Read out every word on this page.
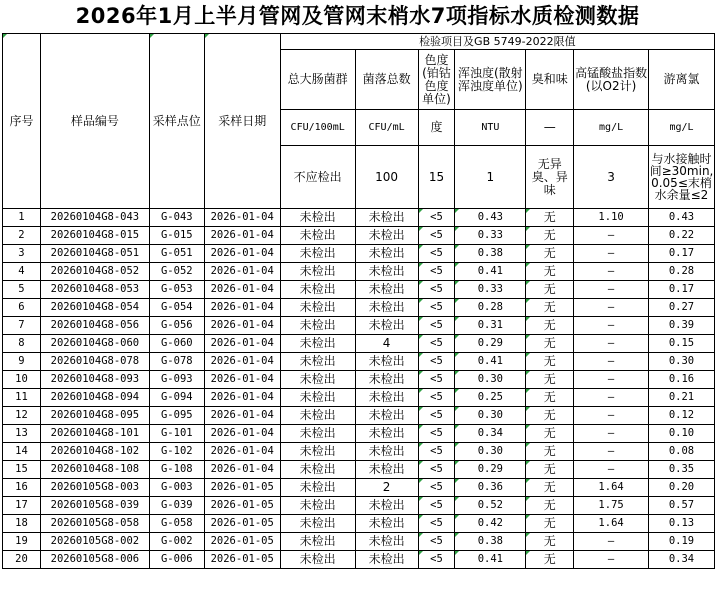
2026年1月上半月管网及管网末梢水7项指标水质检测数据
序号	样品编号	采样点位	采样日期	检验项目及GB 5749-2022限值						
				总大肠菌群	菌落总数	色度(铂钴色度单位)	浑浊度(散射浑浊度单位)	臭和味	高锰酸盐指数(以O2计)	游离氯
				CFU/100mL	CFU/mL	度	NTU	—	mg/L	mg/L
				不应检出	100	15	1	无异臭、异味	3	与水接触时间≥30min, 0.05≤末梢水余量≤2
1	20260104G8-043	G-043	2026-01-04	未检出	未检出	<5	0.43	无	1.10	0.43
2	20260104G8-015	G-015	2026-01-04	未检出	未检出	<5	0.33	无	—	0.22
3	20260104G8-051	G-051	2026-01-04	未检出	未检出	<5	0.38	无	—	0.17
4	20260104G8-052	G-052	2026-01-04	未检出	未检出	<5	0.41	无	—	0.28
5	20260104G8-053	G-053	2026-01-04	未检出	未检出	<5	0.33	无	—	0.17
6	20260104G8-054	G-054	2026-01-04	未检出	未检出	<5	0.28	无	—	0.27
7	20260104G8-056	G-056	2026-01-04	未检出	未检出	<5	0.31	无	—	0.39
8	20260104G8-060	G-060	2026-01-04	未检出	4	<5	0.29	无	—	0.15
9	20260104G8-078	G-078	2026-01-04	未检出	未检出	<5	0.41	无	—	0.30
10	20260104G8-093	G-093	2026-01-04	未检出	未检出	<5	0.30	无	—	0.16
11	20260104G8-094	G-094	2026-01-04	未检出	未检出	<5	0.25	无	—	0.21
12	20260104G8-095	G-095	2026-01-04	未检出	未检出	<5	0.30	无	—	0.12
13	20260104G8-101	G-101	2026-01-04	未检出	未检出	<5	0.34	无	—	0.10
14	20260104G8-102	G-102	2026-01-04	未检出	未检出	<5	0.30	无	—	0.08
15	20260104G8-108	G-108	2026-01-04	未检出	未检出	<5	0.29	无	—	0.35
16	20260105G8-003	G-003	2026-01-05	未检出	2	<5	0.36	无	1.64	0.20
17	20260105G8-039	G-039	2026-01-05	未检出	未检出	<5	0.52	无	1.75	0.57
18	20260105G8-058	G-058	2026-01-05	未检出	未检出	<5	0.42	无	1.64	0.13
19	20260105G8-002	G-002	2026-01-05	未检出	未检出	<5	0.38	无	—	0.19
20	20260105G8-006	G-006	2026-01-05	未检出	未检出	<5	0.41	无	—	0.34
